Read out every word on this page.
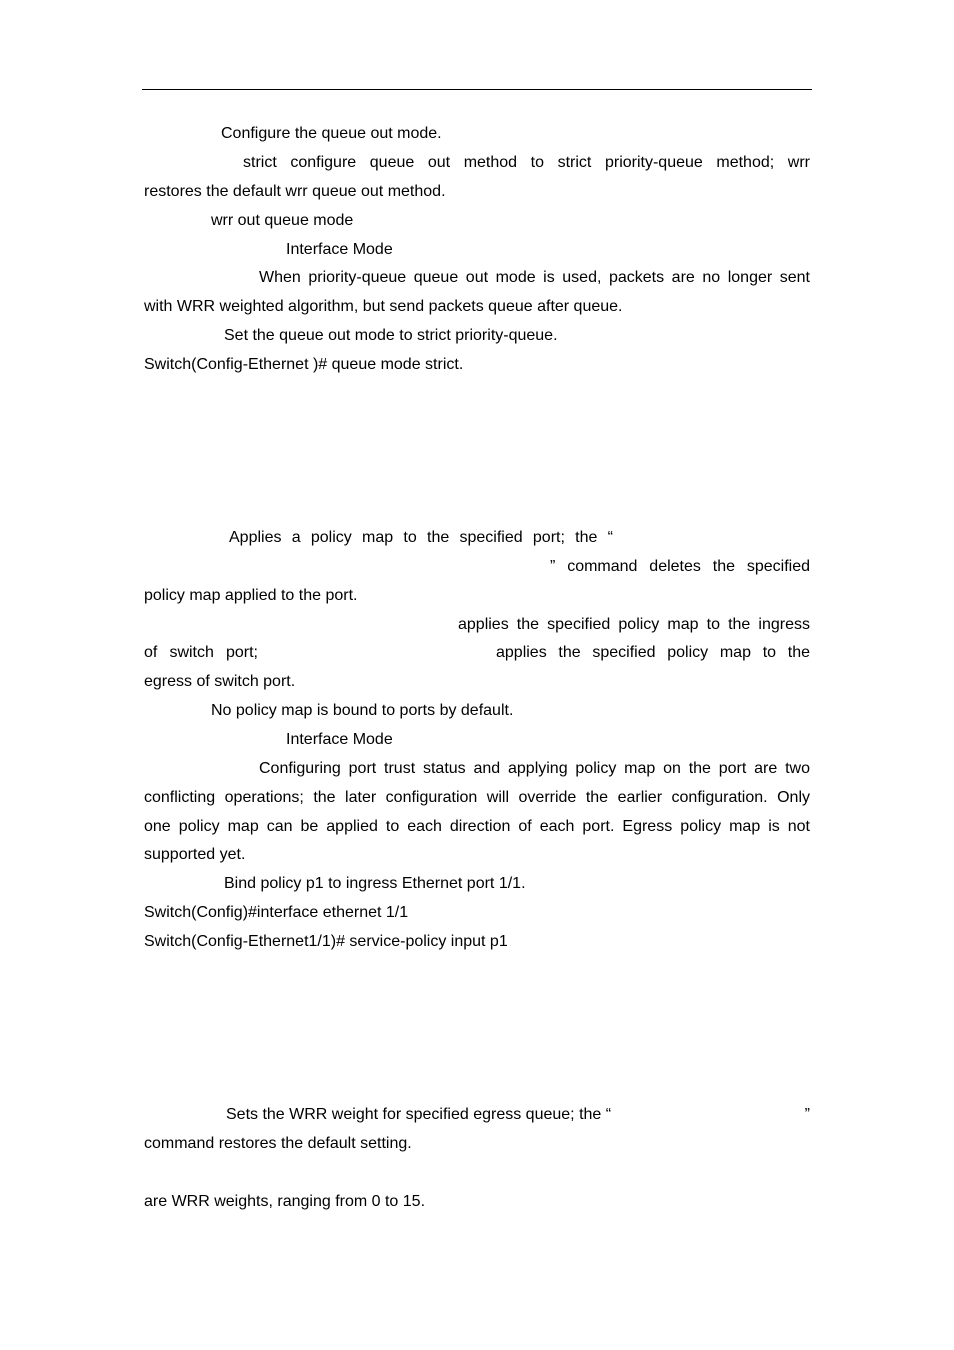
Configure the queue out mode.
strict configure queue out method to strict priority-queue method; wrr
restores the default wrr queue out method.
wrr out queue mode
Interface Mode
When priority-queue queue out mode is used, packets are no longer sent
with WRR weighted algorithm, but send packets queue after queue.
Set the queue out mode to strict priority-queue.
Switch(Config-Ethernet )# queue mode strict.
Applies a policy map to the specified port; the “
” command deletes the specified
policy map applied to the port.
applies the specified policy map to the ingress
of switch port;	applies the specified policy map to the
egress of switch port.
No policy map is bound to ports by default.
Interface Mode
Configuring port trust status and applying policy map on the port are two
conflicting operations; the later configuration will override the earlier configuration. Only
one policy map can be applied to each direction of each port. Egress policy map is not
supported yet.
Bind policy p1 to ingress Ethernet port 1/1.
Switch(Config)#interface ethernet 1/1
Switch(Config-Ethernet1/1)# service-policy input p1
Sets the WRR weight for specified egress queue; the “	”
command restores the default setting.
are WRR weights, ranging from 0 to 15.
